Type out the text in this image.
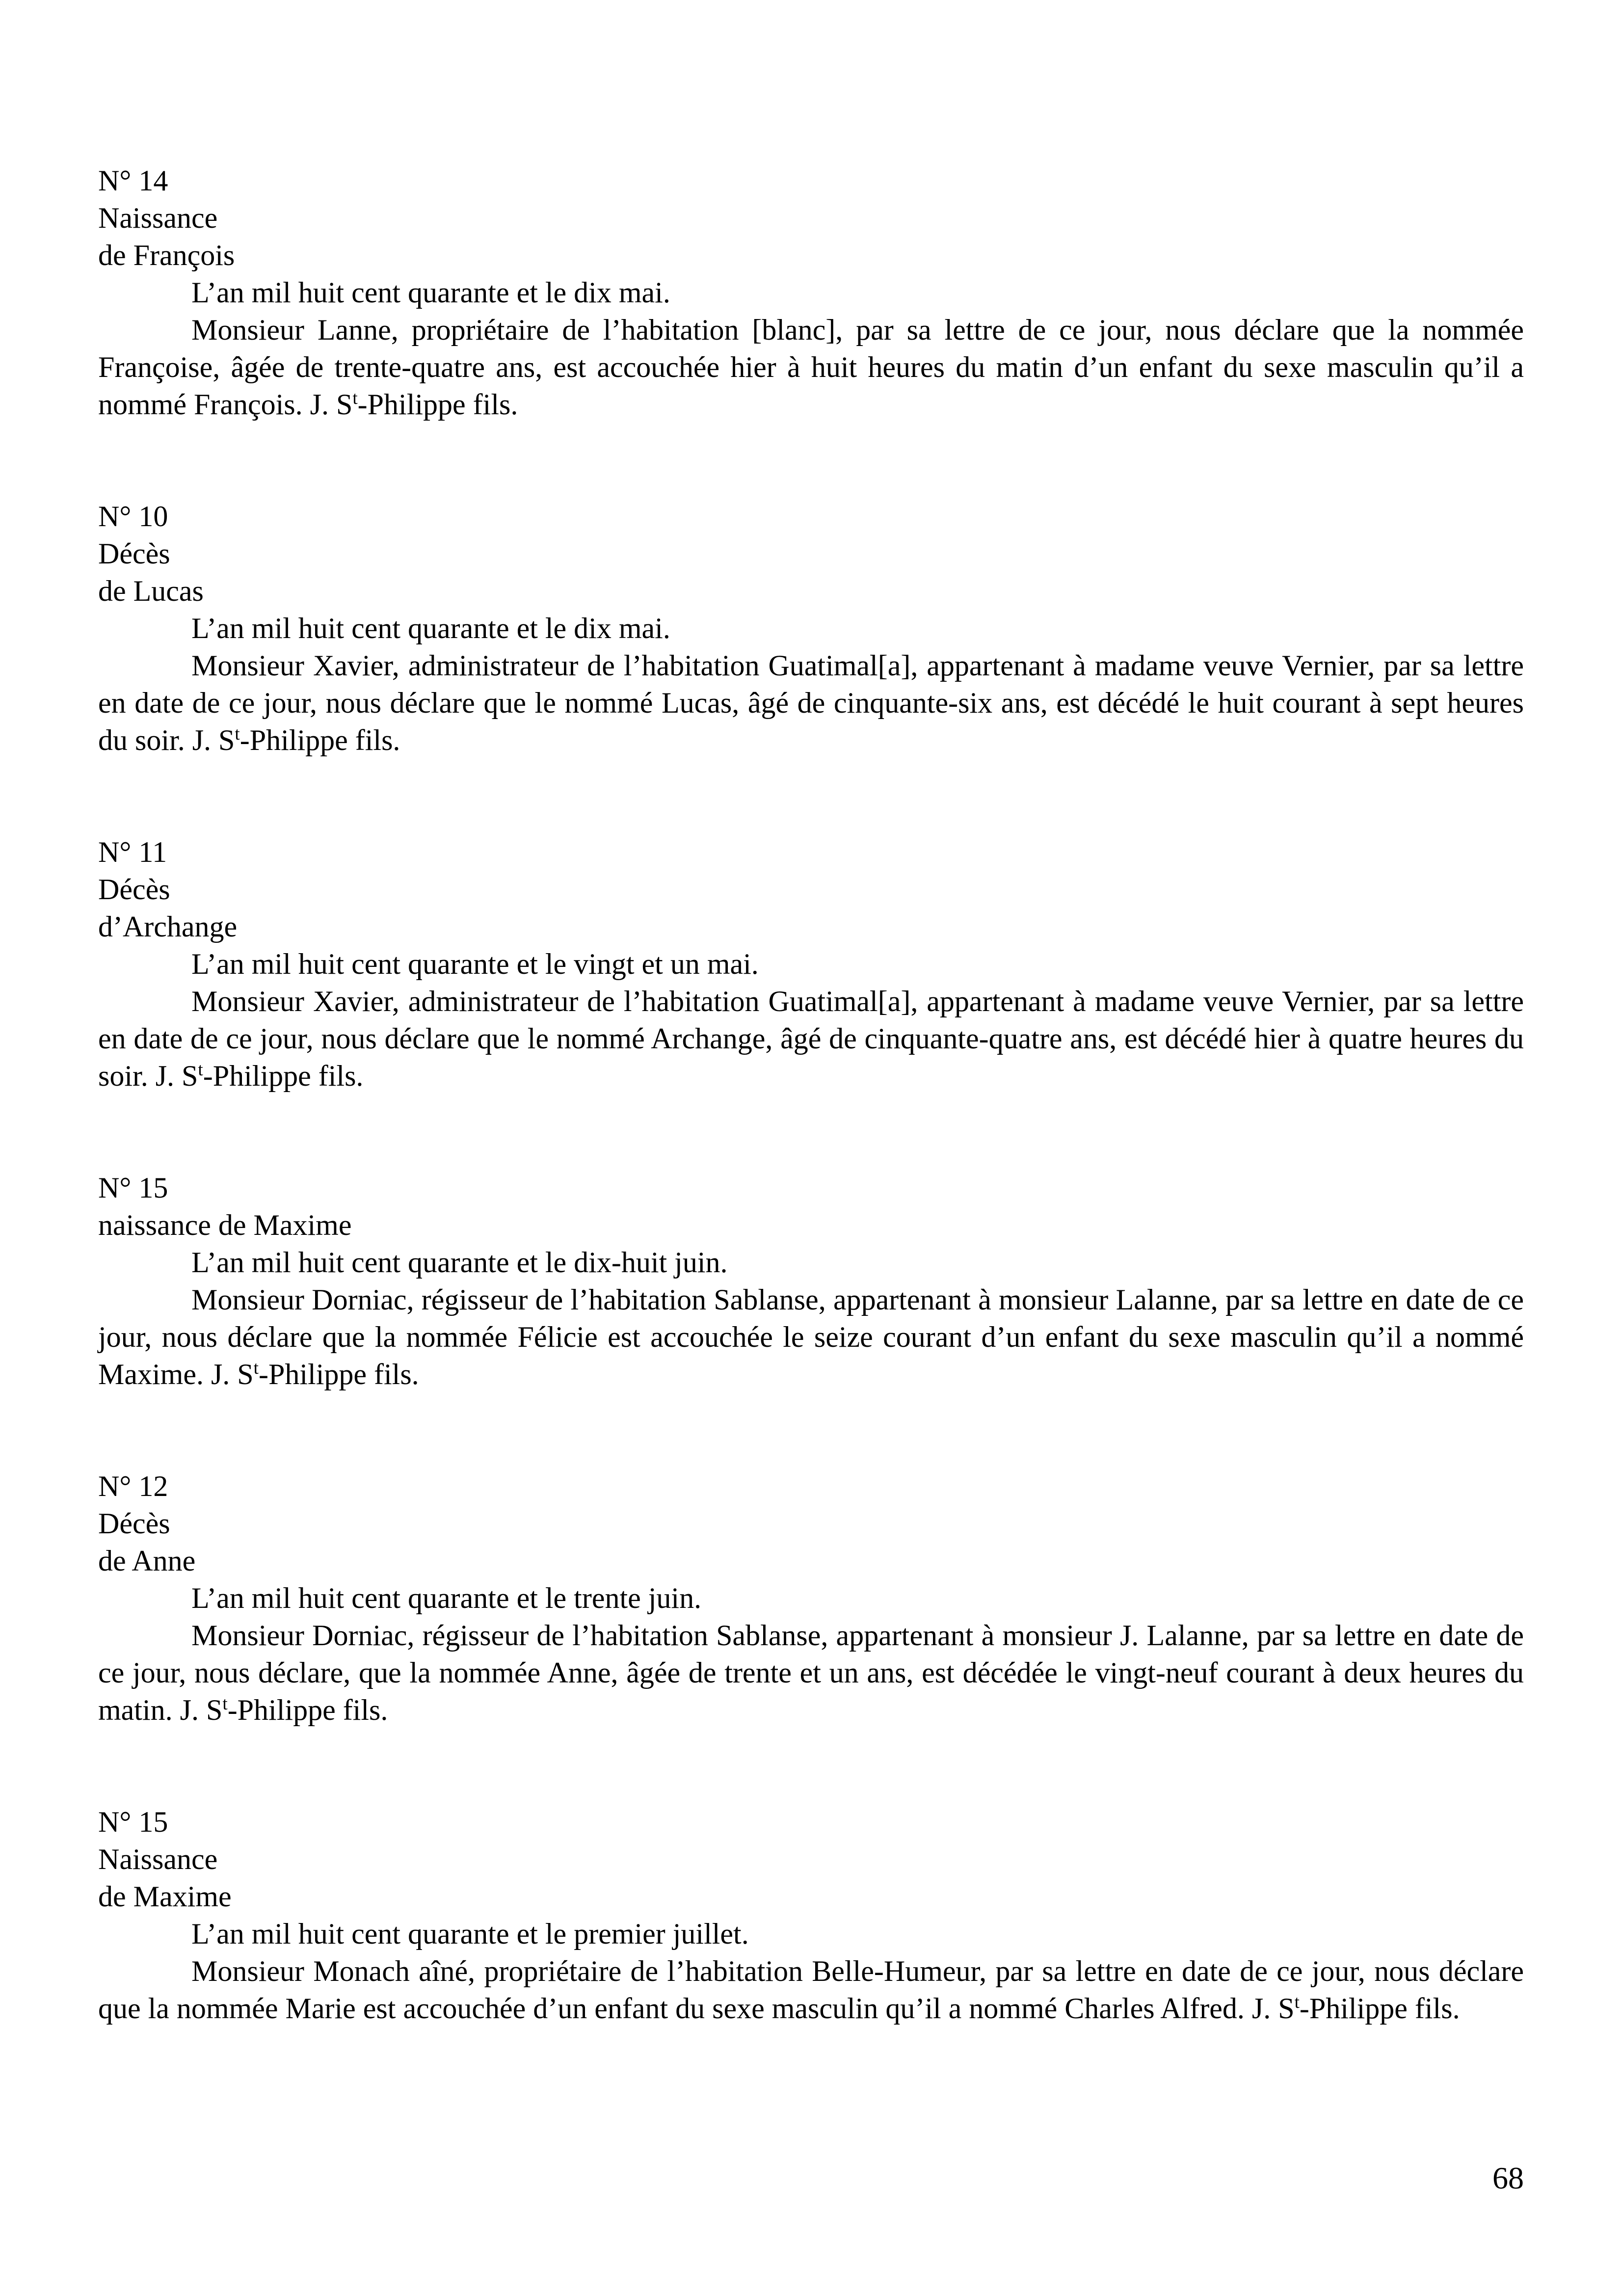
N° 14
Naissance
de François

L’an mil huit cent quarante et le dix mai.

Monsieur Lanne, propriétaire de l’habitation [blanc], par sa lettre de ce jour, nous déclare que la nommée Françoise, âgée de trente-quatre ans, est accouchée hier à huit heures du matin d’un enfant du sexe masculin qu’il a nommé François. J. $S^t$-Philippe fils.

N° 10
Décès
de Lucas

L’an mil huit cent quarante et le dix mai.

Monsieur Xavier, administrateur de l’habitation Guatimal[a], appartenant à madame veuve Vernier, par sa lettre en date de ce jour, nous déclare que le nommé Lucas, âgé de cinquante-six ans, est décédé le huit courant à sept heures du soir. J. $S^t$-Philippe fils.

N° 11
Décès
d’Archange

L’an mil huit cent quarante et le vingt et un mai.

Monsieur Xavier, administrateur de l’habitation Guatimal[a], appartenant à madame veuve Vernier, par sa lettre en date de ce jour, nous déclare que le nommé Archange, âgé de cinquante-quatre ans, est décédé hier à quatre heures du soir. J. $S^t$-Philippe fils.

N° 15
naissance de Maxime

L’an mil huit cent quarante et le dix-huit juin.

Monsieur Dorniac, régisseur de l’habitation Sablanse, appartenant à monsieur Lalanne, par sa lettre en date de ce jour, nous déclare que la nommée Félicie est accouchée le seize courant d’un enfant du sexe masculin qu’il a nommé Maxime. J. $S^t$-Philippe fils.

N° 12
Décès
de Anne

L’an mil huit cent quarante et le trente juin.

Monsieur Dorniac, régisseur de l’habitation Sablanse, appartenant à monsieur J. Lalanne, par sa lettre en date de ce jour, nous déclare, que la nommée Anne, âgée de trente et un ans, est décédée le vingt-neuf courant à deux heures du matin. J. $S^t$-Philippe fils.

N° 15
Naissance
de Maxime

L’an mil huit cent quarante et le premier juillet.

Monsieur Monach aîné, propriétaire de l’habitation Belle-Humeur, par sa lettre en date de ce jour, nous déclare que la nommée Marie est accouchée d’un enfant du sexe masculin qu’il a nommé Charles Alfred. J. $S^t$-Philippe fils.

68
